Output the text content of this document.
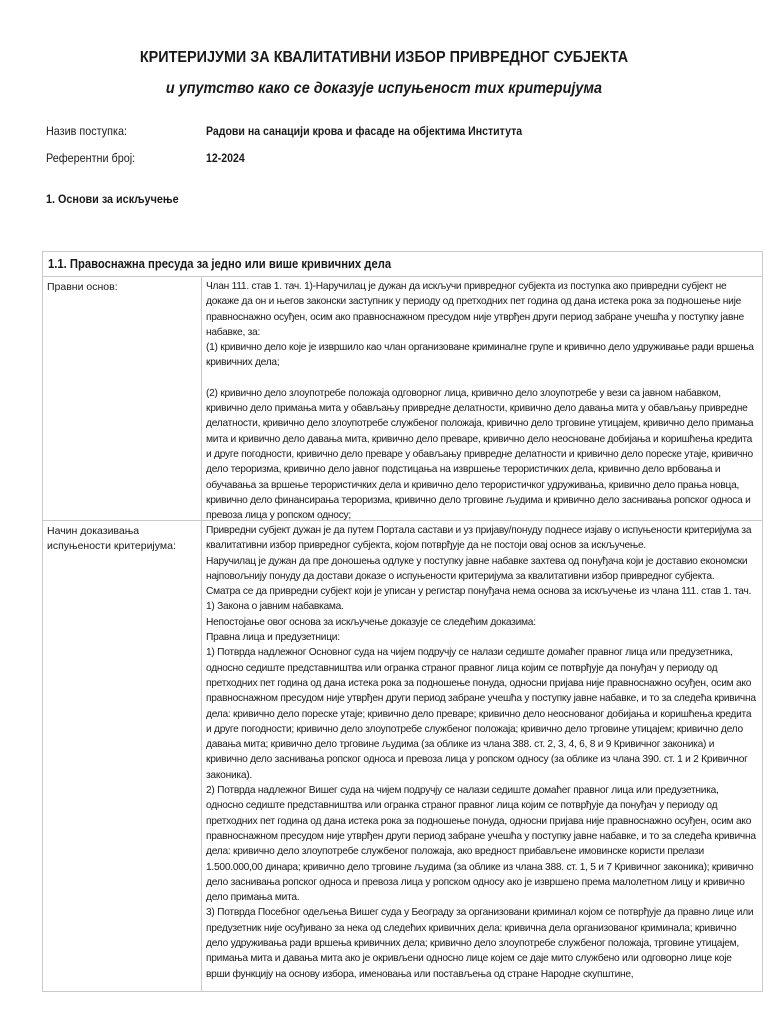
КРИТЕРИЈУМИ ЗА КВАЛИТАТИВНИ ИЗБОР ПРИВРЕДНОГ СУБЈЕКТА
и упутство како се доказује испуњеност тих критеријума
Назив поступка:	Радови на санацији крова и фасаде на објектима Института
Референтни број:	12-2024
1. Основи за искључење
1.1. Правоснажна пресуда за једно или више кривичних дела
Правни основ:	Члан 111. став 1. тач. 1)-Наручилац је дужан да искључи привредног субјекта из поступка ако привредни субјект не докаже да он и његов законски заступник у периоду од претходних пет година од дана истека рока за подношење није правноснажно осуђен, осим ако правноснажном пресудом није утврђен други период забране учешћа у поступку јавне набавке, за:

(1) кривично дело које је извршило као члан организоване криминалне групе и кривично дело удруживање ради вршења кривичних дела;

(2) кривично дело злоупотребе положаја одговорног лица, кривично дело злоупотребе у вези са јавном набавком, кривично дело примања мита у обављању привредне делатности, кривично дело давања мита у обављању привредне делатности, кривично дело злоупотребе службеног положаја, кривично дело трговине утицајем, кривично дело примања мита и кривично дело давања мита, кривично дело преваре, кривично дело неосноване добијања и коришћења кредита и друге погодности, кривично дело преваре у обављању привредне делатности и кривично дело пореске утаје, кривично дело тероризма, кривично дело јавног подстицања на извршење терористичких дела, кривично дело врбовања и обучавања за вршење терористичких дела и кривично дело терористичког удруживања, кривично дело прања новца, кривично дело финансирања тероризма, кривично дело трговине људима и кривично дело заснивања ропског односа и превоза лица у ропском односу;

Начин доказивања испуњености критеријума:

Привредни субјект дужан је да путем Портала састави и уз пријаву/понуду поднесе изјаву о испуњености критеријума за квалитативни избор привредног субјекта, којом потврђује да не постоји овај основ за искључење.

Наручилац је дужан да пре доношења одлуке у поступку јавне набавке захтева од понуђача који је доставио економски најповољнију понуду да достави доказе о испуњености критеријума за квалитативни избор привредног субјекта.

Сматра се да привредни субјект који је уписан у регистар понуђача нема основа за искључење из члана 111. став 1. тач. 1) Закона о јавним набавкама.

Непостојање овог основа за искључење доказује се следећим доказима:

Правна лица и предузетници:

1) Потврда надлежног Основног суда на чијем подручју се налази седиште домаћег правног лица или предузетника, односно седиште представништва или огранка страног правног лица којим се потврђује да понуђач у периоду од претходних пет година од дана истека рока за подношење понуда, односни пријава није правноснажно осуђен, осим ако правноснажном пресудом није утврђен други период забране учешћа у поступку јавне набавке, и то за следећа кривична дела: кривично дело пореске утаје; кривично дело преваре; кривично дело неоснованог добијања и коришћења кредита и друге погодности; кривично дело злоупотребе службеног положаја; кривично дело трговине утицајем; кривично дело давања мита; кривично дело трговине људима (за облике из члана 388. ст. 2, 3, 4, 6, 8 и 9 Кривичног законика) и кривично дело заснивања ропског односа и превоза лица у ропском односу (за облике из члана 390. ст. 1 и 2 Кривичног законика).

2) Потврда надлежног Вишег суда на чијем подручју се налази седиште домаћег правног лица или предузетника, односно седиште представништва или огранка страног правног лица којим се потврђује да понуђач у периоду од претходних пет година од дана истека рока за подношење понуда, односни пријава није правноснажно осуђен, осим ако правноснажном пресудом није утврђен други период забране учешћа у поступку јавне набавке, и то за следећа кривична дела: кривично дело злоупотребе службеног положаја, ако вредност прибављене имовинске користи прелази 1.500.000,00 динара; кривично дело трговине људима (за облике из члана 388. ст. 1, 5 и 7 Кривичног законика); кривично дело заснивања ропског односа и превоза лица у ропском односу ако је извршено према малолетном лицу и кривично дело примања мита.

3) Потврда Посебног одељења Вишег суда у Београду за организовани криминал којом се потврђује да правно лице или предузетник није осуђивано за нека од следећих кривичних дела: кривична дела организованог криминала; кривично дело удруживања ради вршења кривичних дела; кривично дело злоупотребе службеног положаја, трговине утицајем, примања мита и давања мита ако је окривљени односно лице којем се даје мито службено или одговорно лице које врши функцију на основу избора, именовања или постављења од стране Народне скупштине,
